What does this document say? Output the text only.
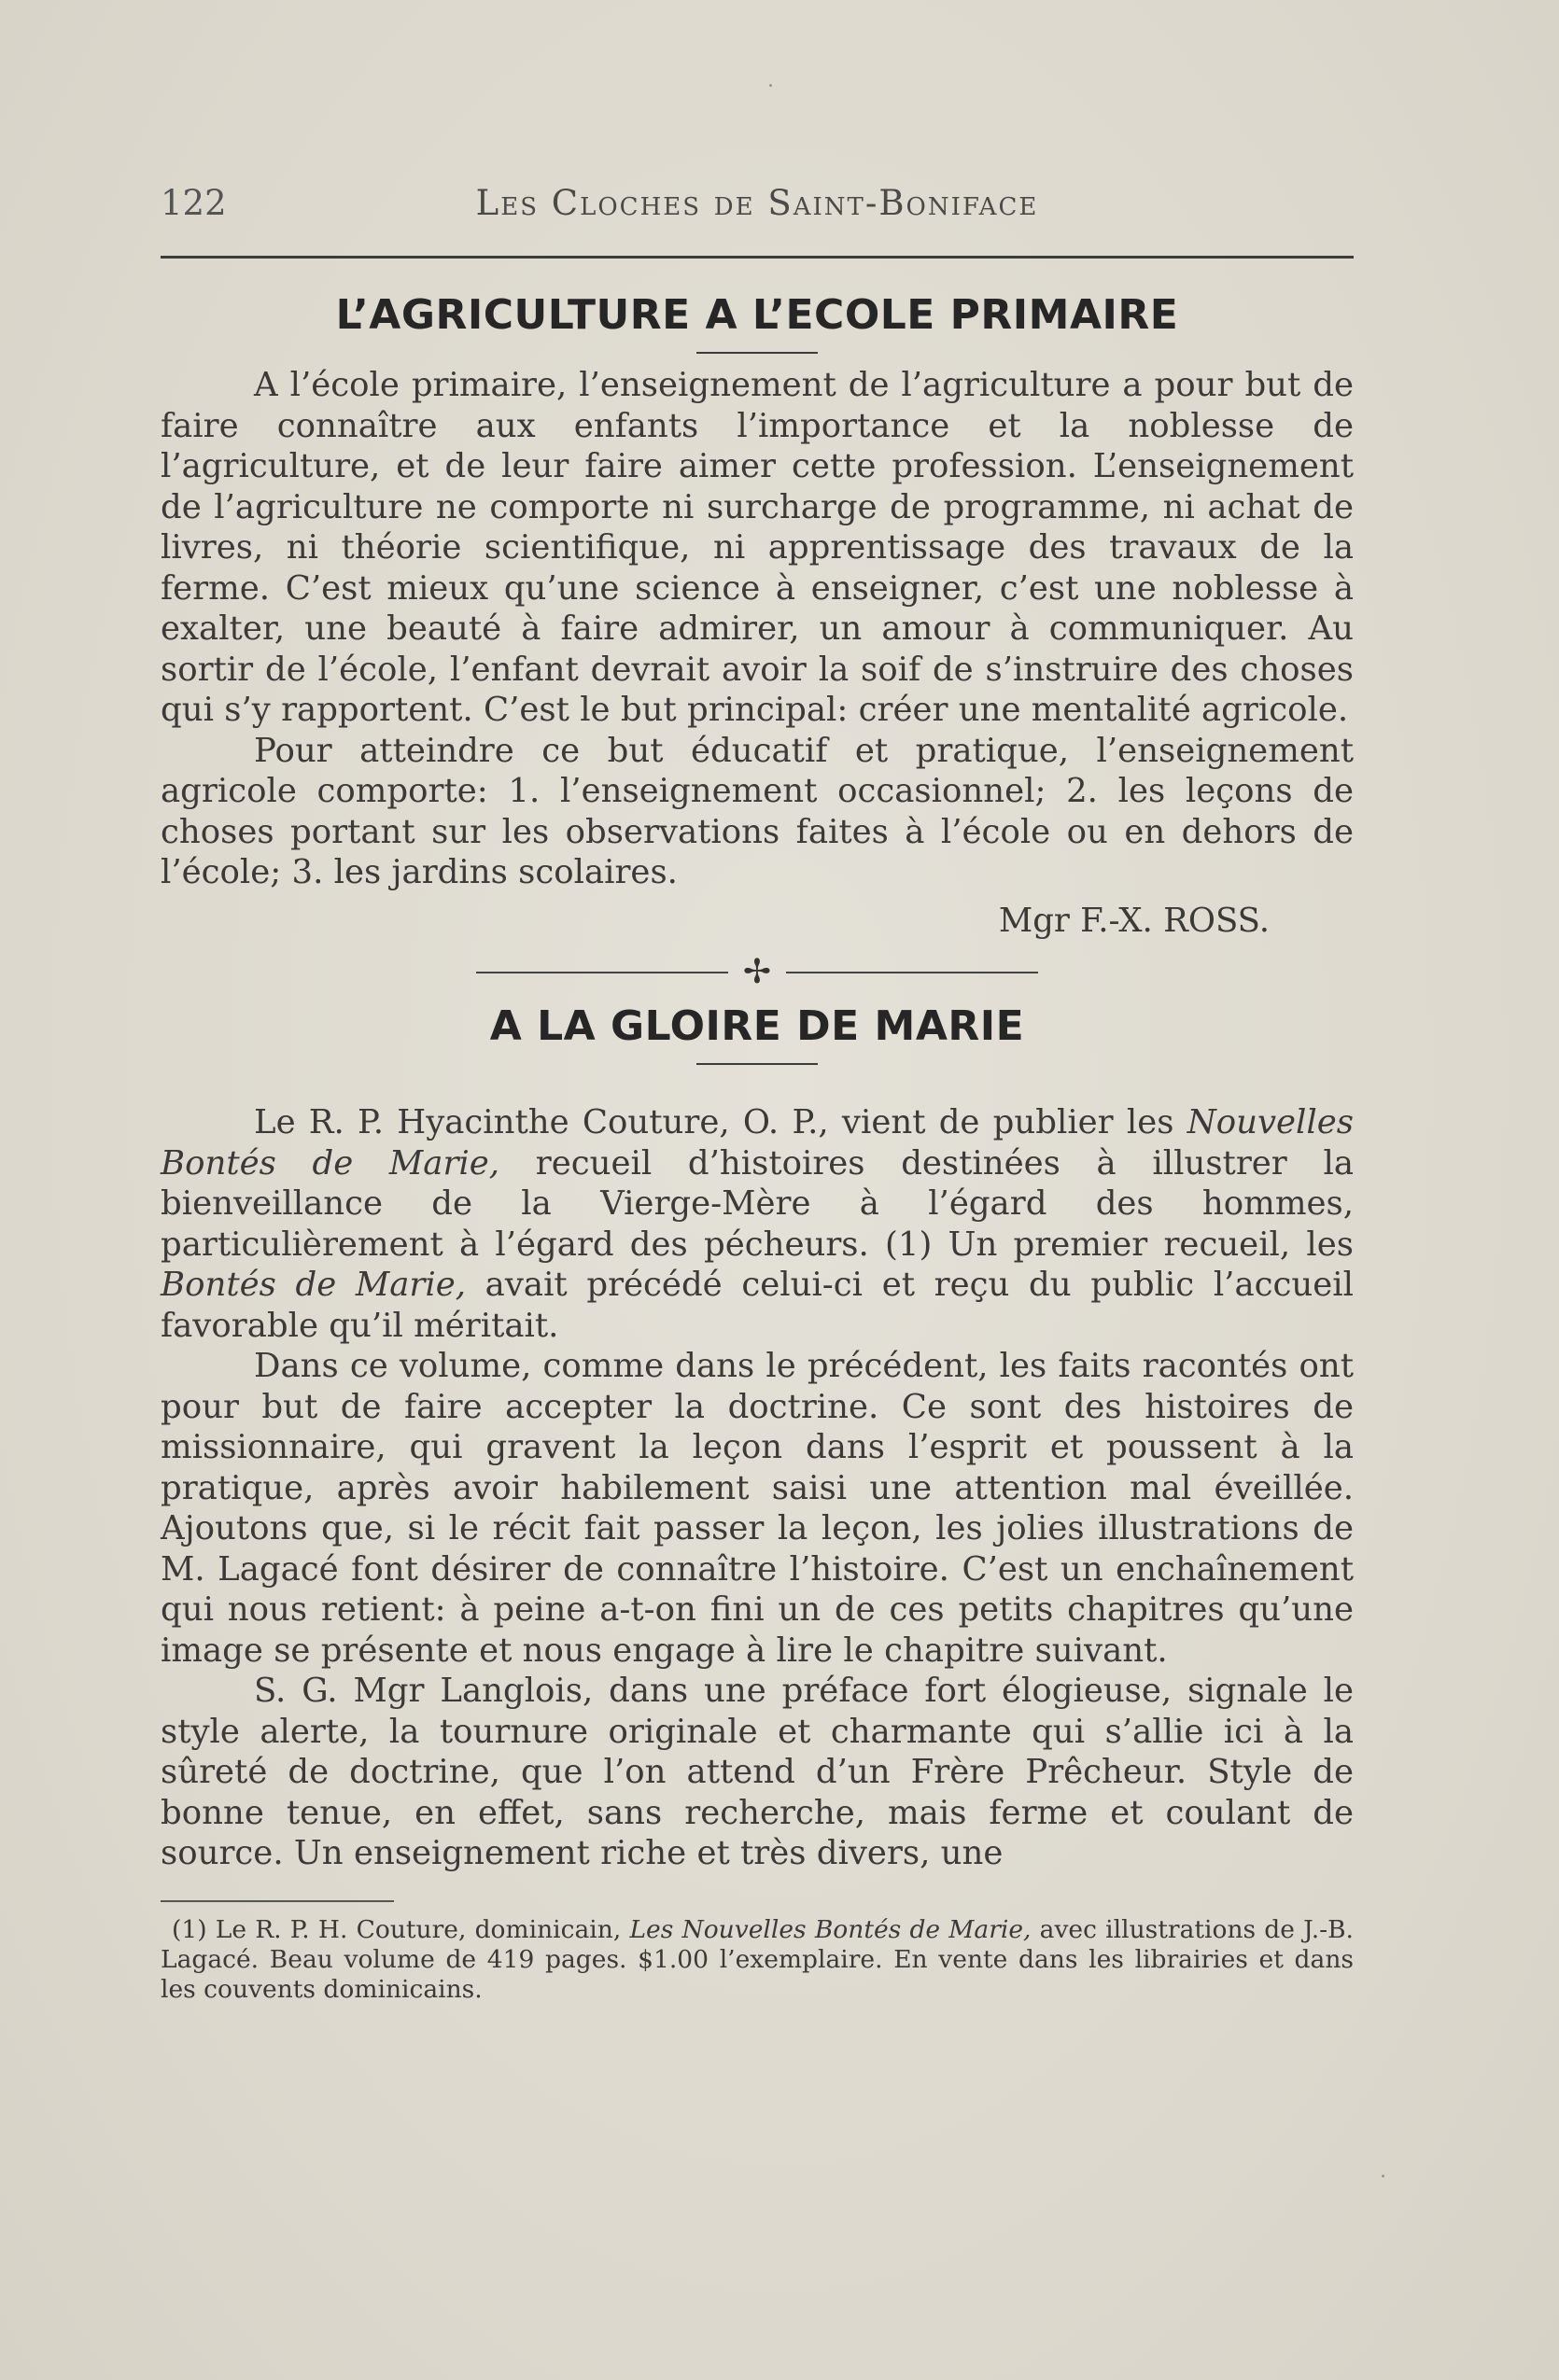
122	Les Cloches de Saint-Boniface
L’AGRICULTURE A L’ECOLE PRIMAIRE

A l’école primaire, l’enseignement de l’agriculture a pour but de faire connaître aux enfants l’importance et la noblesse de l’agriculture, et de leur faire aimer cette profession. L’enseignement de l’agriculture ne comporte ni surcharge de programme, ni achat de livres, ni théorie scientifique, ni apprentissage des travaux de la ferme. C’est mieux qu’une science à enseigner, c’est une noblesse à exalter, une beauté à faire admirer, un amour à communiquer. Au sortir de l’école, l’enfant devrait avoir la soif de s’instruire des choses qui s’y rapportent. C’est le but principal: créer une mentalité agricole.

Pour atteindre ce but éducatif et pratique, l’enseignement agricole comporte: 1. l’enseignement occasionnel; 2. les leçons de choses portant sur les observations faites à l’école ou en dehors de l’école; 3. les jardins scolaires.

Mgr F.-X. ROSS.
✢
A LA GLOIRE DE MARIE

Le R. P. Hyacinthe Couture, O. P., vient de publier les Nouvelles Bontés de Marie, recueil d’histoires destinées à illustrer la bienveillance de la Vierge-Mère à l’égard des hommes, particulièrement à l’égard des pécheurs. (1) Un premier recueil, les Bontés de Marie, avait précédé celui-ci et reçu du public l’accueil favorable qu’il méritait.

Dans ce volume, comme dans le précédent, les faits racontés ont pour but de faire accepter la doctrine. Ce sont des histoires de missionnaire, qui gravent la leçon dans l’esprit et poussent à la pratique, après avoir habilement saisi une attention mal éveillée. Ajoutons que, si le récit fait passer la leçon, les jolies illustrations de M. Lagacé font désirer de connaître l’histoire. C’est un enchaînement qui nous retient: à peine a-t-on fini un de ces petits chapitres qu’une image se présente et nous engage à lire le chapitre suivant.

S. G. Mgr Langlois, dans une préface fort élogieuse, signale le style alerte, la tournure originale et charmante qui s’allie ici à la sûreté de doctrine, que l’on attend d’un Frère Prêcheur. Style de bonne tenue, en effet, sans recherche, mais ferme et coulant de source. Un enseignement riche et très divers, une

(1) Le R. P. H. Couture, dominicain, Les Nouvelles Bontés de Marie, avec illustrations de J.-B. Lagacé. Beau volume de 419 pages. $1.00 l’exemplaire. En vente dans les librairies et dans les couvents dominicains.
